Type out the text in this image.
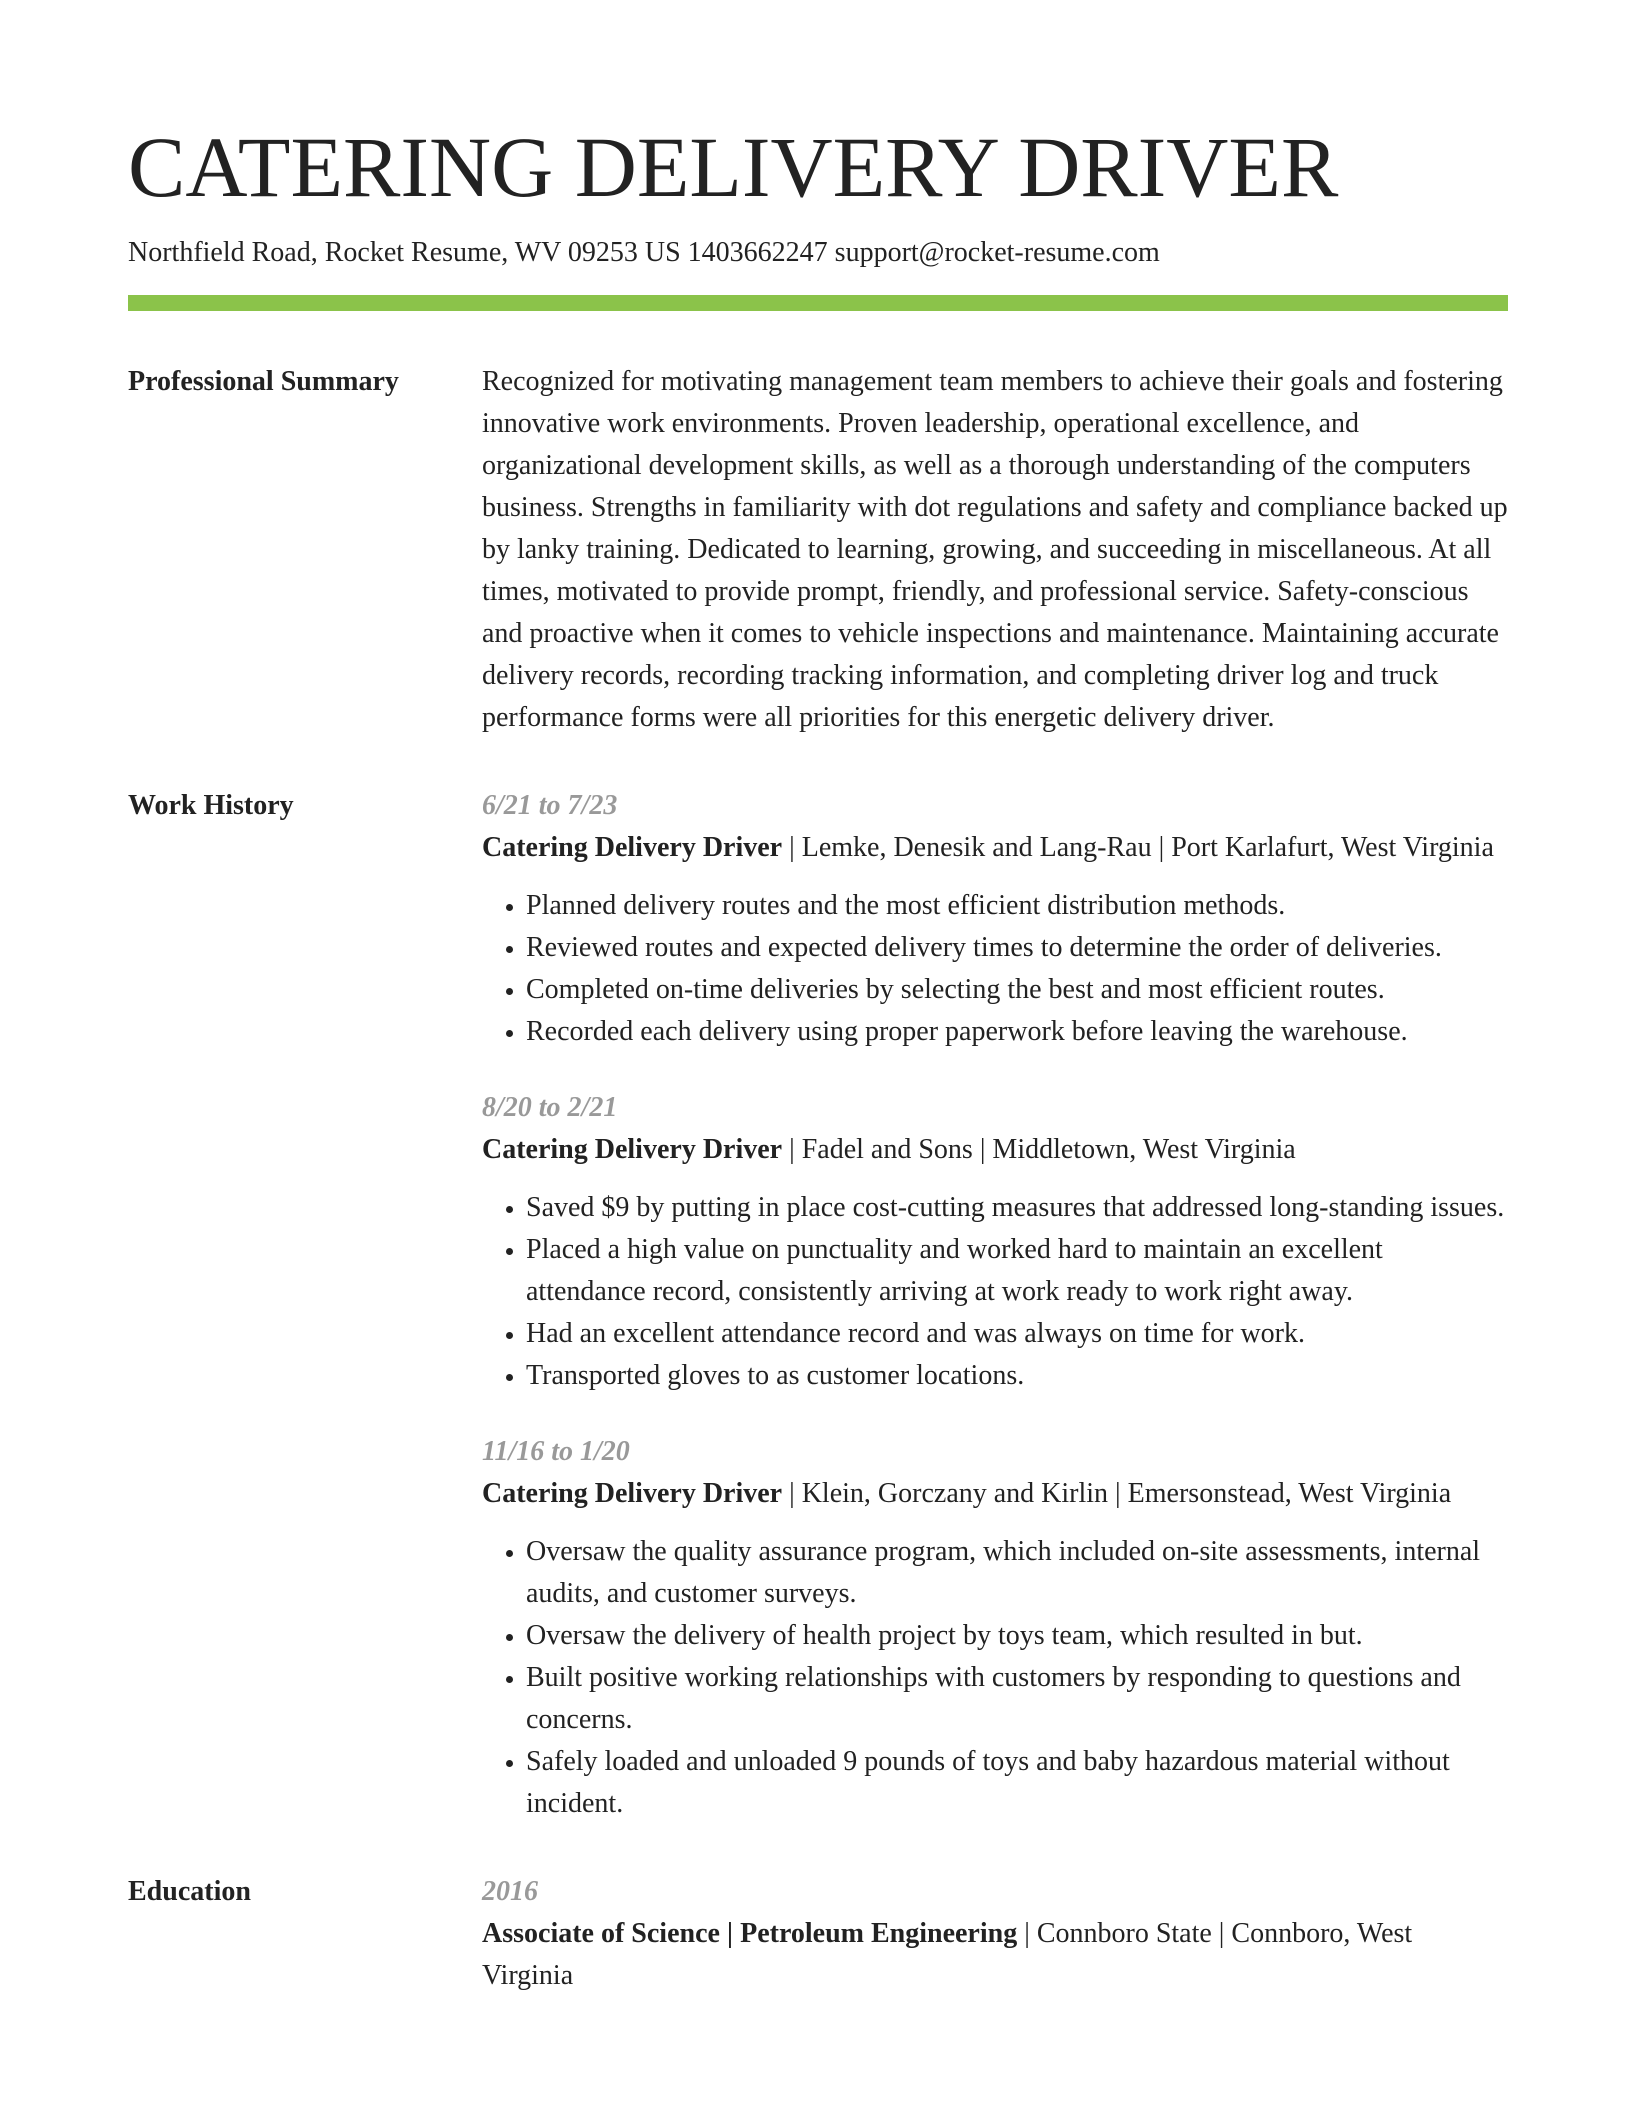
CATERING DELIVERY DRIVER
Northfield Road, Rocket Resume, WV 09253 US 1403662247 support@rocket-resume.com
Professional Summary	Recognized for motivating management team members to achieve their goals and fostering innovative work environments. Proven leadership, operational excellence, and organizational development skills, as well as a thorough understanding of the computers business. Strengths in familiarity with dot regulations and safety and compliance backed up by lanky training. Dedicated to learning, growing, and succeeding in miscellaneous. At all times, motivated to provide prompt, friendly, and professional service. Safety-conscious and proactive when it comes to vehicle inspections and maintenance. Maintaining accurate delivery records, recording tracking information, and completing driver log and truck performance forms were all priorities for this energetic delivery driver.

Work History	6/21 to 7/23
Catering Delivery Driver | Lemke, Denesik and Lang-Rau | Port Karlafurt, West Virginia
• Planned delivery routes and the most efficient distribution methods.
• Reviewed routes and expected delivery times to determine the order of deliveries.
• Completed on-time deliveries by selecting the best and most efficient routes.
• Recorded each delivery using proper paperwork before leaving the warehouse.
8/20 to 2/21
Catering Delivery Driver | Fadel and Sons | Middletown, West Virginia
• Saved $9 by putting in place cost-cutting measures that addressed long-standing issues.
• Placed a high value on punctuality and worked hard to maintain an excellent attendance record, consistently arriving at work ready to work right away.
• Had an excellent attendance record and was always on time for work.
• Transported gloves to as customer locations.
11/16 to 1/20
Catering Delivery Driver | Klein, Gorczany and Kirlin | Emersonstead, West Virginia
• Oversaw the quality assurance program, which included on-site assessments, internal audits, and customer surveys.
• Oversaw the delivery of health project by toys team, which resulted in but.
• Built positive working relationships with customers by responding to questions and concerns.
• Safely loaded and unloaded 9 pounds of toys and baby hazardous material without incident.
Education	2016
Associate of Science | Petroleum Engineering | Connboro State | Connboro, West Virginia
